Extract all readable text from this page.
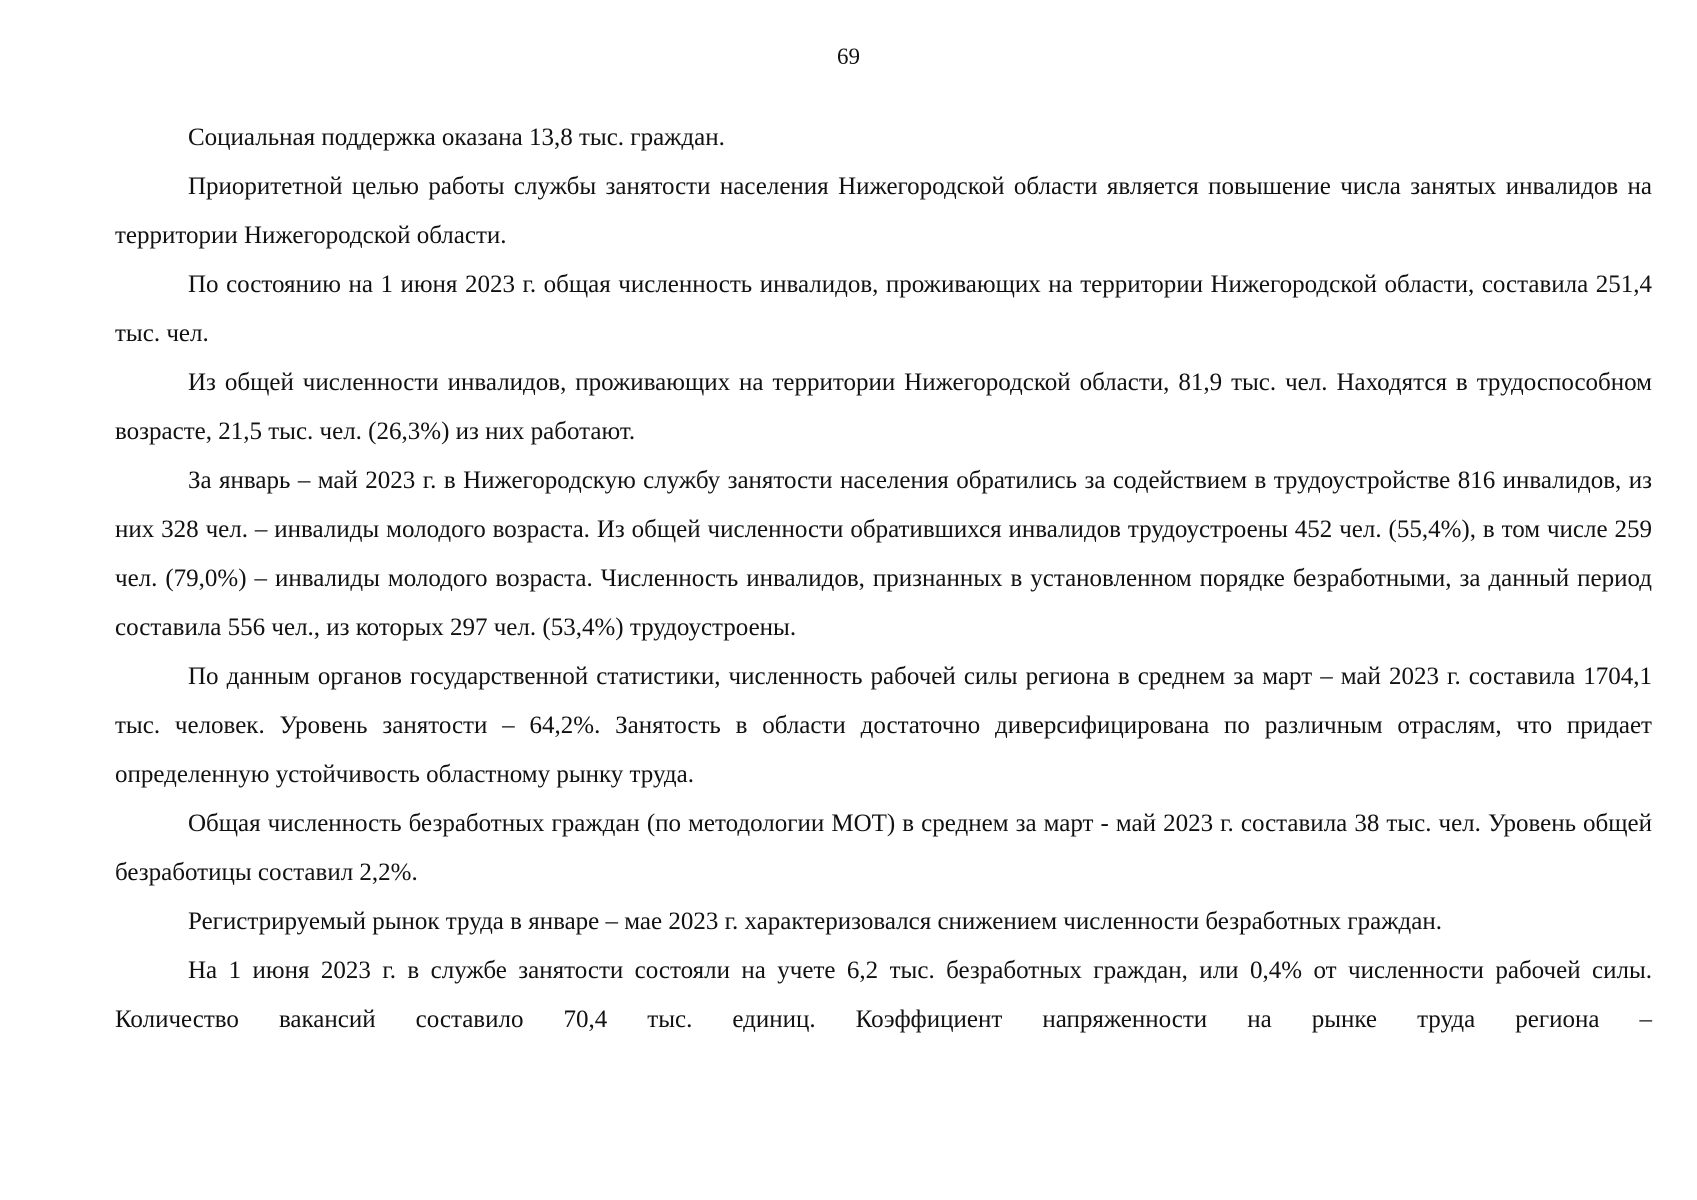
69

Социальная поддержка оказана 13,8 тыс. граждан.

Приоритетной целью работы службы занятости населения Нижегородской области является повышение числа занятых инвалидов на территории Нижегородской области.

По состоянию на 1 июня 2023 г. общая численность инвалидов, проживающих на территории Нижегородской области, составила 251,4 тыс. чел.

Из общей численности инвалидов, проживающих на территории Нижегородской области, 81,9 тыс. чел. Находятся в трудоспособном возрасте, 21,5 тыс. чел. (26,3%) из них работают.

За январь – май 2023 г. в Нижегородскую службу занятости населения обратились за содействием в трудоустройстве 816 инвалидов, из них 328 чел. – инвалиды молодого возраста. Из общей численности обратившихся инвалидов трудоустроены 452 чел. (55,4%), в том числе 259 чел. (79,0%) – инвалиды молодого возраста. Численность инвалидов, признанных в установленном порядке безработными, за данный период составила 556 чел., из которых 297 чел. (53,4%) трудоустроены.

По данным органов государственной статистики, численность рабочей силы региона в среднем за март – май 2023 г. составила 1704,1 тыс. человек. Уровень занятости – 64,2%. Занятость в области достаточно диверсифицирована по различным отраслям, что придает определенную устойчивость областному рынку труда.

Общая численность безработных граждан (по методологии МОТ) в среднем за март - май 2023 г. составила 38 тыс. чел. Уровень общей безработицы составил 2,2%.

Регистрируемый рынок труда в январе – мае 2023 г. характеризовался снижением численности безработных граждан.

На 1 июня 2023 г. в службе занятости состояли на учете 6,2 тыс. безработных граждан, или 0,4% от численности рабочей силы. Количество вакансий составило 70,4 тыс. единиц. Коэффициент напряженности на рынке труда региона –
